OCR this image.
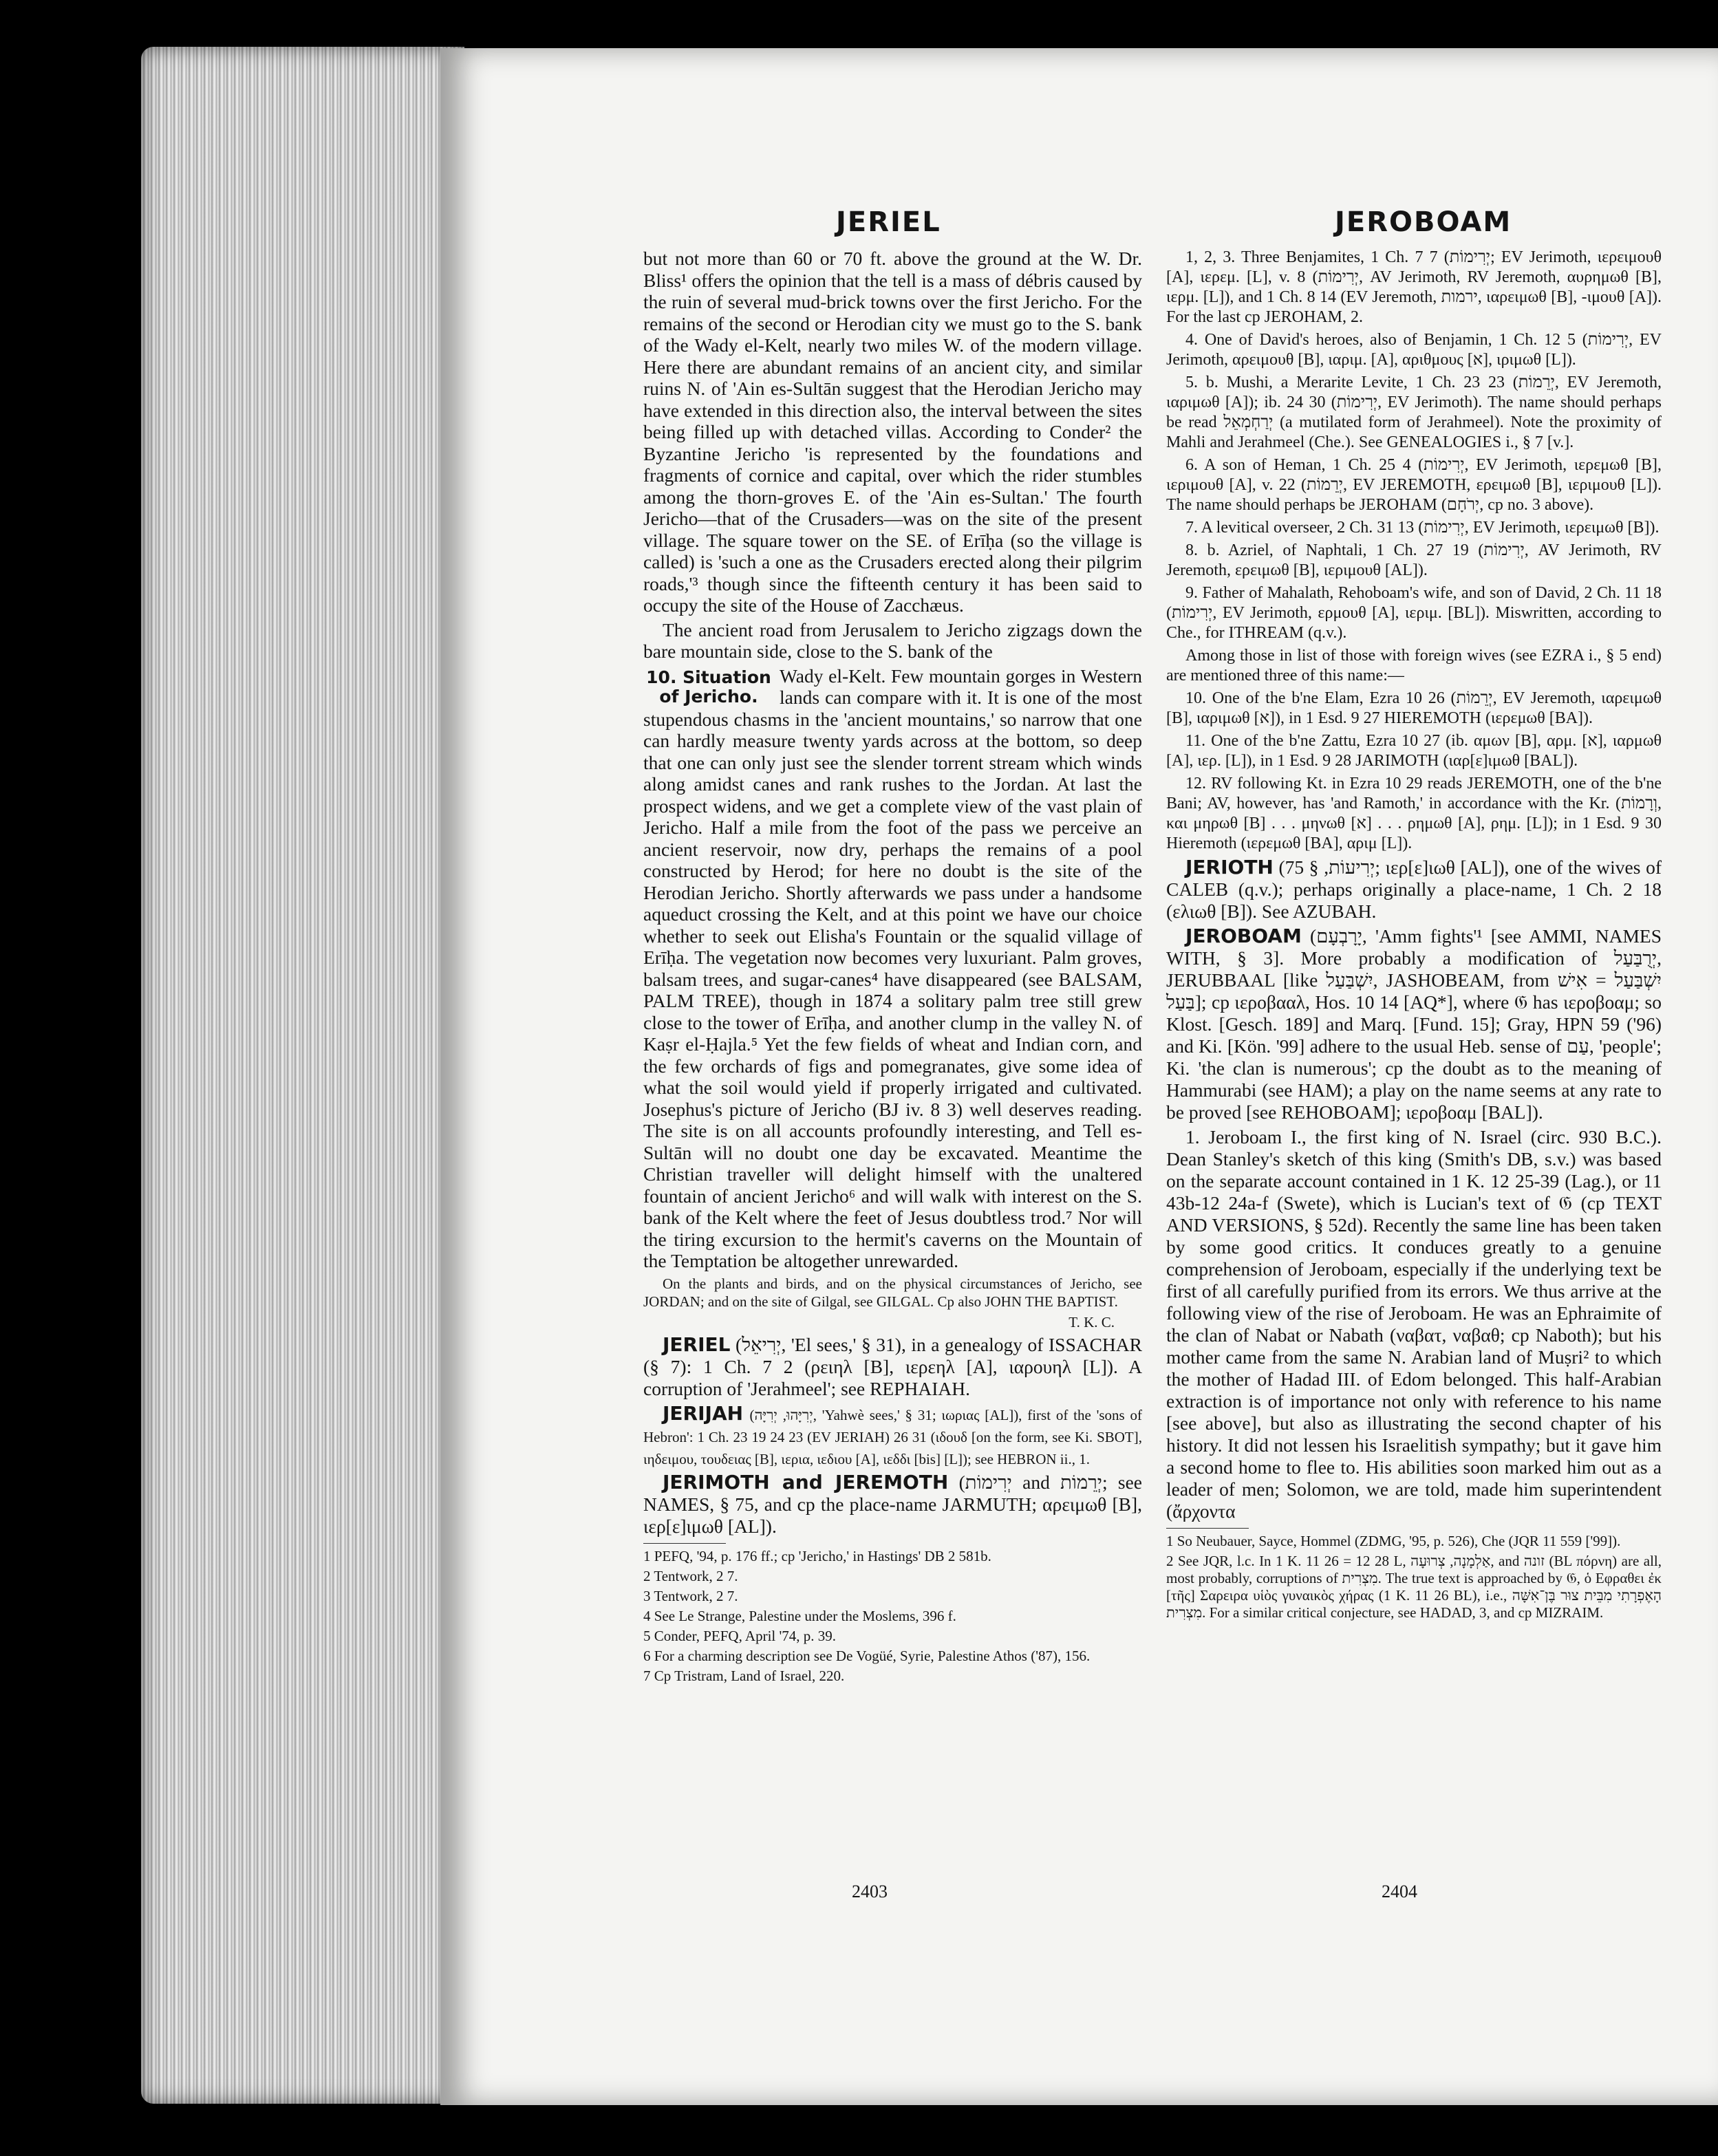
JERIEL	JEROBOAM

but not more than 60 or 70 ft. above the ground at the W. Dr. Bliss¹ offers the opinion that the tell is a mass of débris caused by the ruin of several mud-brick towns over the first Jericho. For the remains of the second or Herodian city we must go to the S. bank of the Wady el-Kelt, nearly two miles W. of the modern village. Here there are abundant remains of an ancient city, and similar ruins N. of 'Ain es-Sultān suggest that the Herodian Jericho may have extended in this direction also, the interval between the sites being filled up with detached villas. According to Conder² the Byzantine Jericho 'is represented by the foundations and fragments of cornice and capital, over which the rider stumbles among the thorn-groves E. of the 'Ain es-Sultan.' The fourth Jericho—that of the Crusaders—was on the site of the present village. The square tower on the SE. of Erīḥa (so the village is called) is 'such a one as the Crusaders erected along their pilgrim roads,'³ though since the fifteenth century it has been said to occupy the site of the House of Zacchæus.

The ancient road from Jerusalem to Jericho zigzags down the bare mountain side, close to the S. bank of the

10. Situation of Jericho.

Wady el-Kelt. Few mountain gorges in Western lands can compare with it. It is one of the most stupendous chasms in the 'ancient mountains,' so narrow that one can hardly measure twenty yards across at the bottom, so deep that one can only just see the slender torrent stream which winds along amidst canes and rank rushes to the Jordan. At last the prospect widens, and we get a complete view of the vast plain of Jericho. Half a mile from the foot of the pass we perceive an ancient reservoir, now dry, perhaps the remains of a pool constructed by Herod; for here no doubt is the site of the Herodian Jericho. Shortly afterwards we pass under a handsome aqueduct crossing the Kelt, and at this point we have our choice whether to seek out Elisha's Fountain or the squalid village of Erīḥa. The vegetation now becomes very luxuriant. Palm groves, balsam trees, and sugar-canes⁴ have disappeared (see BALSAM, PALM TREE), though in 1874 a solitary palm tree still grew close to the tower of Erīḥa, and another clump in the valley N. of Kaṣr el-Ḥajla.⁵ Yet the few fields of wheat and Indian corn, and the few orchards of figs and pomegranates, give some idea of what the soil would yield if properly irrigated and cultivated. Josephus's picture of Jericho (BJ iv. 8 3) well deserves reading. The site is on all accounts profoundly interesting, and Tell es-Sultān will no doubt one day be excavated. Meantime the Christian traveller will delight himself with the unaltered fountain of ancient Jericho⁶ and will walk with interest on the S. bank of the Kelt where the feet of Jesus doubtless trod.⁷ Nor will the tiring excursion to the hermit's caverns on the Mountain of the Temptation be altogether unrewarded.

On the plants and birds, and on the physical circumstances of Jericho, see JORDAN; and on the site of Gilgal, see GILGAL. Cp also JOHN THE BAPTIST.

T. K. C.

JERIEL (יְרִיאֵל, 'El sees,' § 31), in a genealogy of ISSACHAR (§ 7): 1 Ch. 7 2 (ρειηλ [B], ιερεηλ [A], ιαρουηλ [L]). A corruption of 'Jerahmeel'; see REPHAIAH.

JERIJAH (יְרִיָּהוּ, יְרִיָּה, 'Yahwè sees,' § 31; ιωριας [AL]), first of the 'sons of Hebron': 1 Ch. 23 19 24 23 (EV JERIAH) 26 31 (ιδουδ [on the form, see Ki. SBOT], ιηδειμου, τουδειας [B], ιερια, ιεδιου [A], ιεδδι [bis] [L]); see HEBRON ii., 1.

JERIMOTH and JEREMOTH (יְרִימוֹת and יְרֵמוֹת; see NAMES, § 75, and cp the place-name JARMUTH; αρειμωθ [B], ιερ[ε]ιμωθ [AL]).

1 PEFQ, '94, p. 176 ff.; cp 'Jericho,' in Hastings' DB 2 581b.

2 Tentwork, 2 7.

3 Tentwork, 2 7.

4 See Le Strange, Palestine under the Moslems, 396 f.

5 Conder, PEFQ, April '74, p. 39.

6 For a charming description see De Vogüé, Syrie, Palestine Athos ('87), 156.

7 Cp Tristram, Land of Israel, 220.

1, 2, 3. Three Benjamites, 1 Ch. 7 7 (יְרִימוֹת; EV Jerimoth, ιερειμουθ [A], ιερεμ. [L], v. 8 (יְרִימוֹת, AV Jerimoth, RV Jeremoth, αυρημωθ [B], ιερμ. [L]), and 1 Ch. 8 14 (EV Jeremoth, ירמות, ιαρειμωθ [B], -ιμουθ [A]). For the last cp JEROHAM, 2.

4. One of David's heroes, also of Benjamin, 1 Ch. 12 5 (יְרִימוֹת, EV Jerimoth, αρειμουθ [B], ιαριμ. [A], αριθμους [א], ιριμωθ [L]).

5. b. Mushi, a Merarite Levite, 1 Ch. 23 23 (יְרֵמוֹת, EV Jeremoth, ιαριμωθ [A]); ib. 24 30 (יְרִימוֹת, EV Jerimoth). The name should perhaps be read יְרַחְמְאֵל (a mutilated form of Jerahmeel). Note the proximity of Mahli and Jerahmeel (Che.). See GENEALOGIES i., § 7 [v.].

6. A son of Heman, 1 Ch. 25 4 (יְרִימוֹת, EV Jerimoth, ιερεμωθ [B], ιεριμουθ [A], v. 22 (יְרֵמוֹת, EV JEREMOTH, ερειμωθ [B], ιεριμουθ [L]). The name should perhaps be JEROHAM (יְרֹחָם, cp no. 3 above).

7. A levitical overseer, 2 Ch. 31 13 (יְרִימוֹת, EV Jerimoth, ιερειμωθ [B]).

8. b. Azriel, of Naphtali, 1 Ch. 27 19 (יְרִימוֹת, AV Jerimoth, RV Jeremoth, ερειμωθ [B], ιεριμουθ [AL]).

9. Father of Mahalath, Rehoboam's wife, and son of David, 2 Ch. 11 18 (יְרִימוֹת, EV Jerimoth, ερμουθ [A], ιεριμ. [BL]). Miswritten, according to Che., for ITHREAM (q.v.).

Among those in list of those with foreign wives (see EZRA i., § 5 end) are mentioned three of this name:—

10. One of the b'ne Elam, Ezra 10 26 (יְרֵמוֹת, EV Jeremoth, ιαρειμωθ [B], ιαριμωθ [א]), in 1 Esd. 9 27 HIEREMOTH (ιερεμωθ [BA]).

11. One of the b'ne Zattu, Ezra 10 27 (ib. αμων [B], αρμ. [א], ιαρμωθ [A], ιερ. [L]), in 1 Esd. 9 28 JARIMOTH (ιαρ[ε]ιμωθ [BAL]).

12. RV following Kt. in Ezra 10 29 reads JEREMOTH, one of the b'ne Bani; AV, however, has 'and Ramoth,' in accordance with the Kr. (וְרָמוֹת, και μηρωθ [B] . . . μηνωθ [א] . . . ρημωθ [A], ρημ. [L]); in 1 Esd. 9 30 Hieremoth (ιερεμωθ [BA], αριμ [L]).

JERIOTH (יְרִיעוֹת, § 75; ιερ[ε]ιωθ [AL]), one of the wives of CALEB (q.v.); perhaps originally a place-name, 1 Ch. 2 18 (ελιωθ [B]). See AZUBAH.

JEROBOAM (יָרָבְעָם, 'Amm fights'¹ [see AMMI, NAMES WITH, § 3]. More probably a modification of יְרֻבַּעַל, JERUBBAAL [like יִשְׁבַּעַל, JASHOBEAM, from יִשְׁבַּעַל = אִישׁ בַּעַל]; cp ιεροβααλ, Hos. 10 14 [AQ*], where 𝔊 has ιεροβοαμ; so Klost. [Gesch. 189] and Marq. [Fund. 15]; Gray, HPN 59 ('96) and Ki. [Kön. '99] adhere to the usual Heb. sense of עַם, 'people'; Ki. 'the clan is numerous'; cp the doubt as to the meaning of Hammurabi (see HAM); a play on the name seems at any rate to be proved [see REHOBOAM]; ιεροβοαμ [BAL]).

1. Jeroboam I., the first king of N. Israel (circ. 930 B.C.). Dean Stanley's sketch of this king (Smith's DB, s.v.) was based on the separate account contained in 1 K. 12 25-39 (Lag.), or 11 43b-12 24a-f (Swete), which is Lucian's text of 𝔊 (cp TEXT AND VERSIONS, § 52d). Recently the same line has been taken by some good critics. It conduces greatly to a genuine comprehension of Jeroboam, especially if the underlying text be first of all carefully purified from its errors. We thus arrive at the following view of the rise of Jeroboam. He was an Ephraimite of the clan of Nabat or Nabath (ναβατ, ναβαθ; cp Naboth); but his mother came from the same N. Arabian land of Muṣri² to which the mother of Hadad III. of Edom belonged. This half-Arabian extraction is of importance not only with reference to his name [see above], but also as illustrating the second chapter of his history. It did not lessen his Israelitish sympathy; but it gave him a second home to flee to. His abilities soon marked him out as a leader of men; Solomon, we are told, made him superintendent (ἄρχοντα

1 So Neubauer, Sayce, Hommel (ZDMG, '95, p. 526), Che (JQR 11 559 ['99]).

2 See JQR, l.c. In 1 K. 11 26 = 12 28 L, אַלְמָנָה, צְרוּעָה, and זונה (BL πόρνη) are all, most probably, corruptions of מִצְרִית. The true text is approached by 𝔊, ὁ Εφραθει ἐκ [τῆς] Σαρειρα υἱὸς γυναικὸς χήρας (1 K. 11 26 BL), i.e., הָאֶפְרָתִי מִבֵּית צוּר בֶּן־אִשָּׁה מִצְרִית. For a similar critical conjecture, see HADAD, 3, and cp MIZRAIM.

2403	2404
